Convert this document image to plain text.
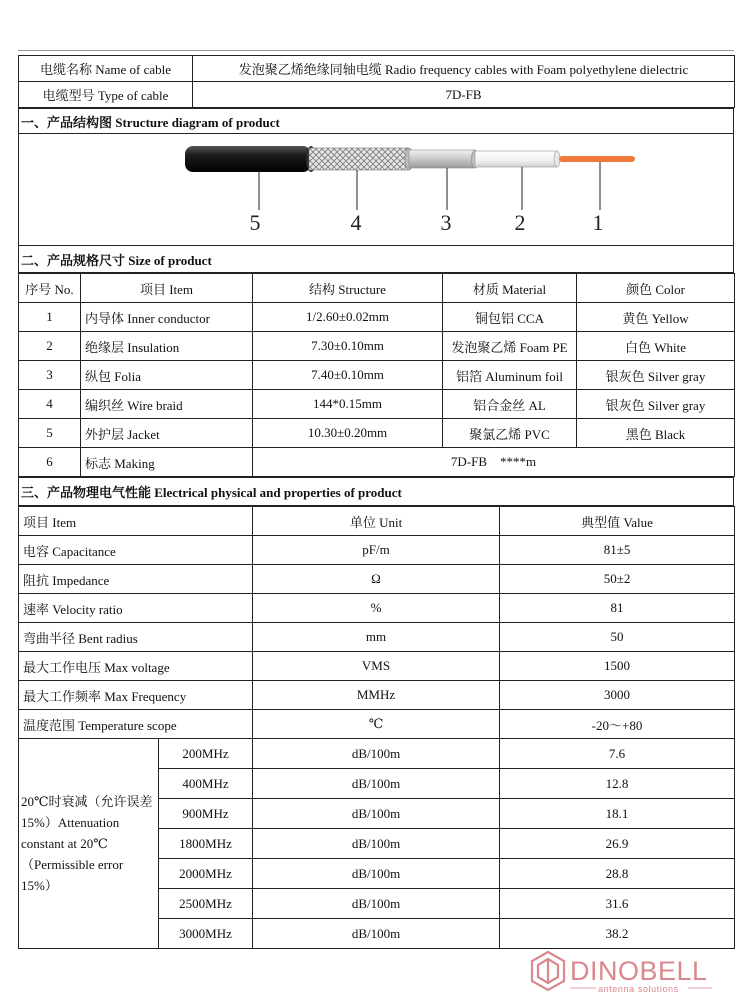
电缆名称 Name of cable	发泡聚乙烯绝缘同轴电缆 Radio frequency cables with Foam polyethylene dielectric
电缆型号 Type of cable	7D-FB
一、产品结构图 Structure diagram of product

5	4	3	2	1

二、产品规格尺寸 Size of product
序号 No.	项目 Item	结构 Structure	材质 Material	颜色 Color
1	内导体 Inner conductor	1/2.60±0.02mm	铜包铝 CCA	黄色 Yellow
2	绝缘层 Insulation	7.30±0.10mm	发泡聚乙烯 Foam PE	白色 White
3	纵包 Folia	7.40±0.10mm	铝箔 Aluminum foil	银灰色 Silver gray
4	编织丝 Wire braid	144*0.15mm	铝合金丝 AL	银灰色 Silver gray
5	外护层 Jacket	10.30±0.20mm	聚氯乙烯 PVC	黑色 Black
6	标志 Making	7D-FB    ****m		
三、产品物理电气性能 Electrical physical and properties of product
项目 Item		单位 Unit	典型值 Value
电容 Capacitance		pF/m	81±5
阻抗 Impedance		Ω	50±2
速率 Velocity ratio		%	81
弯曲半径 Bent radius		mm	50
最大工作电压 Max voltage		VMS	1500
最大工作频率 Max Frequency		MMHz	3000
温度范围 Temperature scope		℃	-20～+80
20℃时衰减（允许误差 15%）Attenuation constant at 20℃（Permissible error 15%）	200MHz	dB/100m	7.6
	400MHz	dB/100m	12.8
	900MHz	dB/100m	18.1
	1800MHz	dB/100m	26.9
	2000MHz	dB/100m	28.8
	2500MHz	dB/100m	31.6
	3000MHz	dB/100m	38.2
DINOBELL
antenna solutions
